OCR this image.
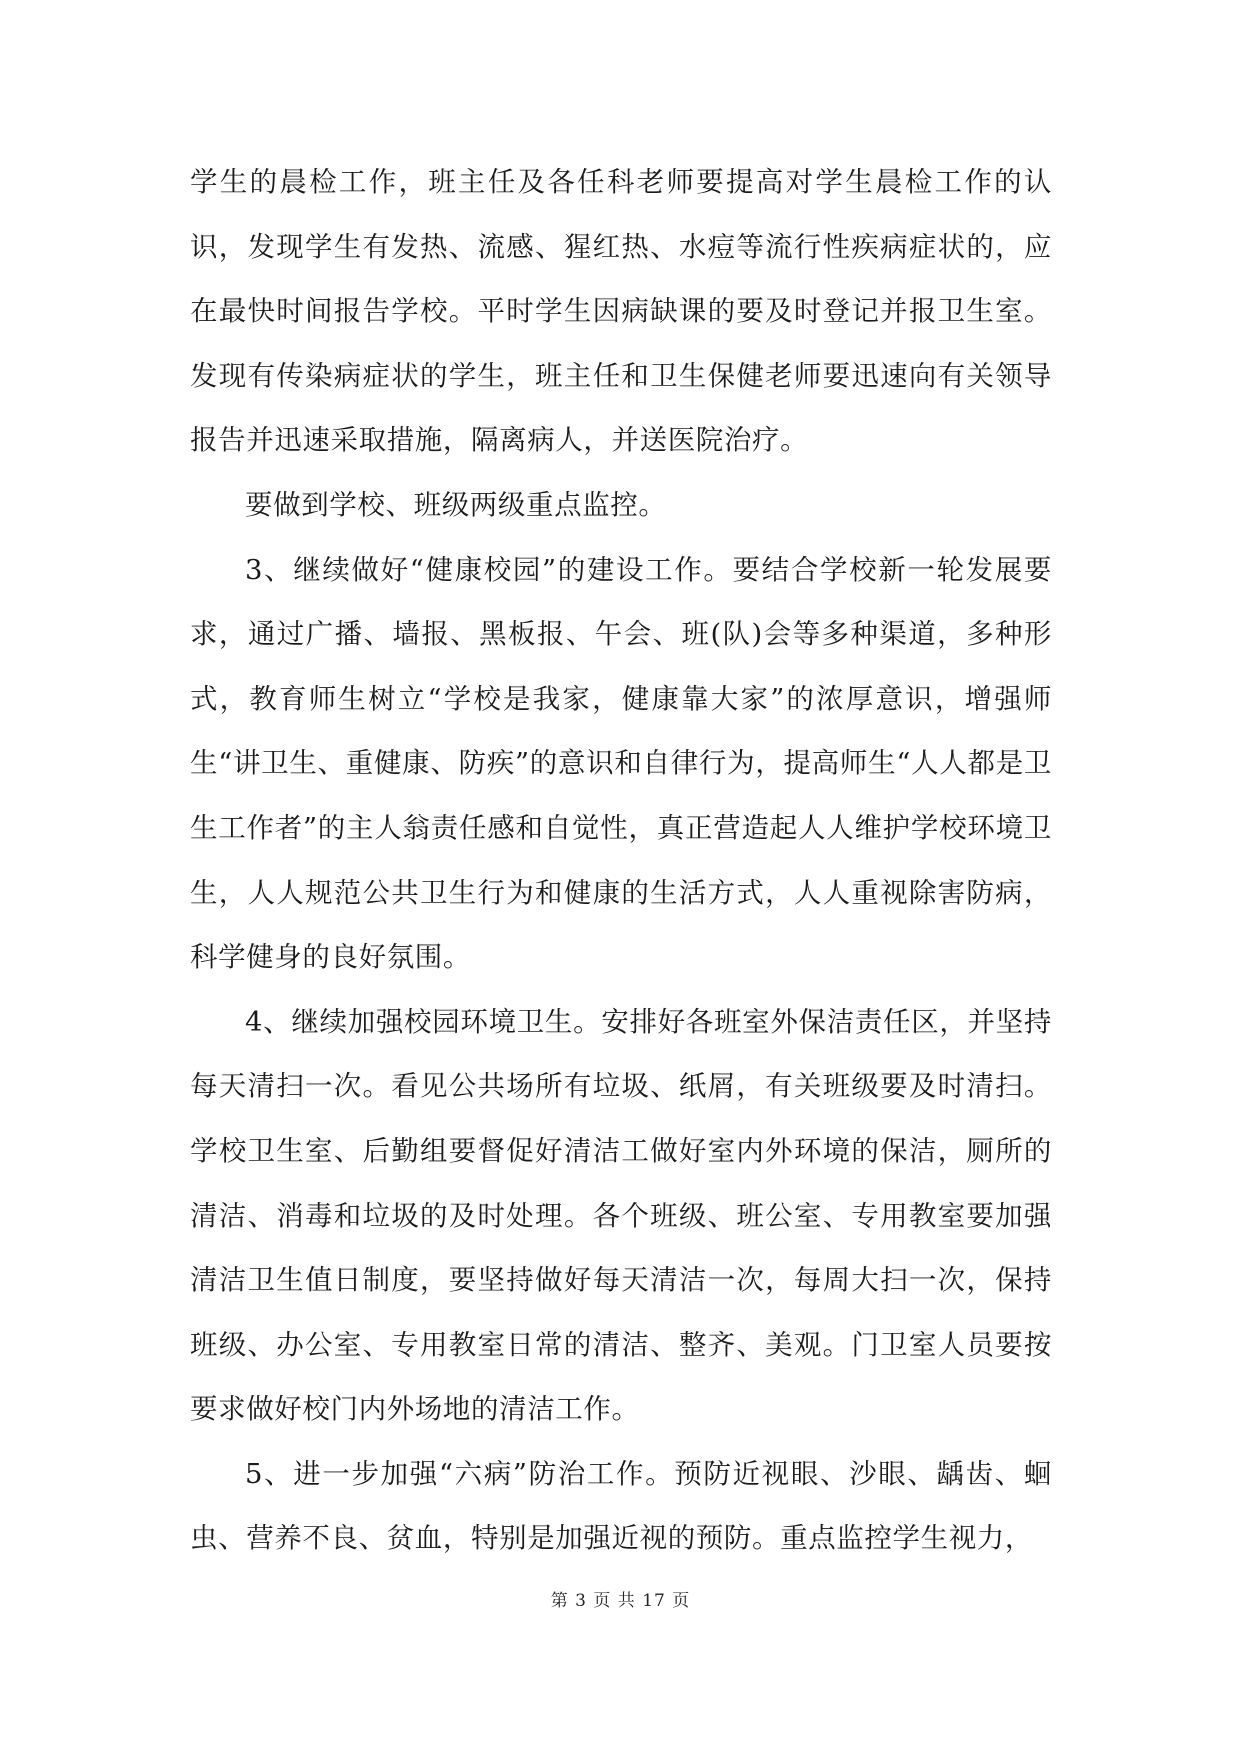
学生的晨检工作，班主任及各任科老师要提高对学生晨检工作的认识，发现学生有发热、流感、猩红热、水痘等流行性疾病症状的，应在最快时间报告学校。平时学生因病缺课的要及时登记并报卫生室。发现有传染病症状的学生，班主任和卫生保健老师要迅速向有关领导报告并迅速采取措施，隔离病人，并送医院治疗。

要做到学校、班级两级重点监控。

3、继续做好“健康校园”的建设工作。要结合学校新一轮发展要求，通过广播、墙报、黑板报、午会、班(队)会等多种渠道，多种形式，教育师生树立“学校是我家，健康靠大家”的浓厚意识，增强师生“讲卫生、重健康、防疾”的意识和自律行为，提高师生“人人都是卫生工作者”的主人翁责任感和自觉性，真正营造起人人维护学校环境卫生，人人规范公共卫生行为和健康的生活方式，人人重视除害防病，科学健身的良好氛围。

4、继续加强校园环境卫生。安排好各班室外保洁责任区，并坚持每天清扫一次。看见公共场所有垃圾、纸屑，有关班级要及时清扫。学校卫生室、后勤组要督促好清洁工做好室内外环境的保洁，厕所的清洁、消毒和垃圾的及时处理。各个班级、班公室、专用教室要加强清洁卫生值日制度，要坚持做好每天清洁一次，每周大扫一次，保持班级、办公室、专用教室日常的清洁、整齐、美观。门卫室人员要按要求做好校门内外场地的清洁工作。

5、进一步加强“六病”防治工作。预防近视眼、沙眼、龋齿、蛔虫、营养不良、贫血，特别是加强近视的预防。重点监控学生视力，

第 3 页 共 17 页
